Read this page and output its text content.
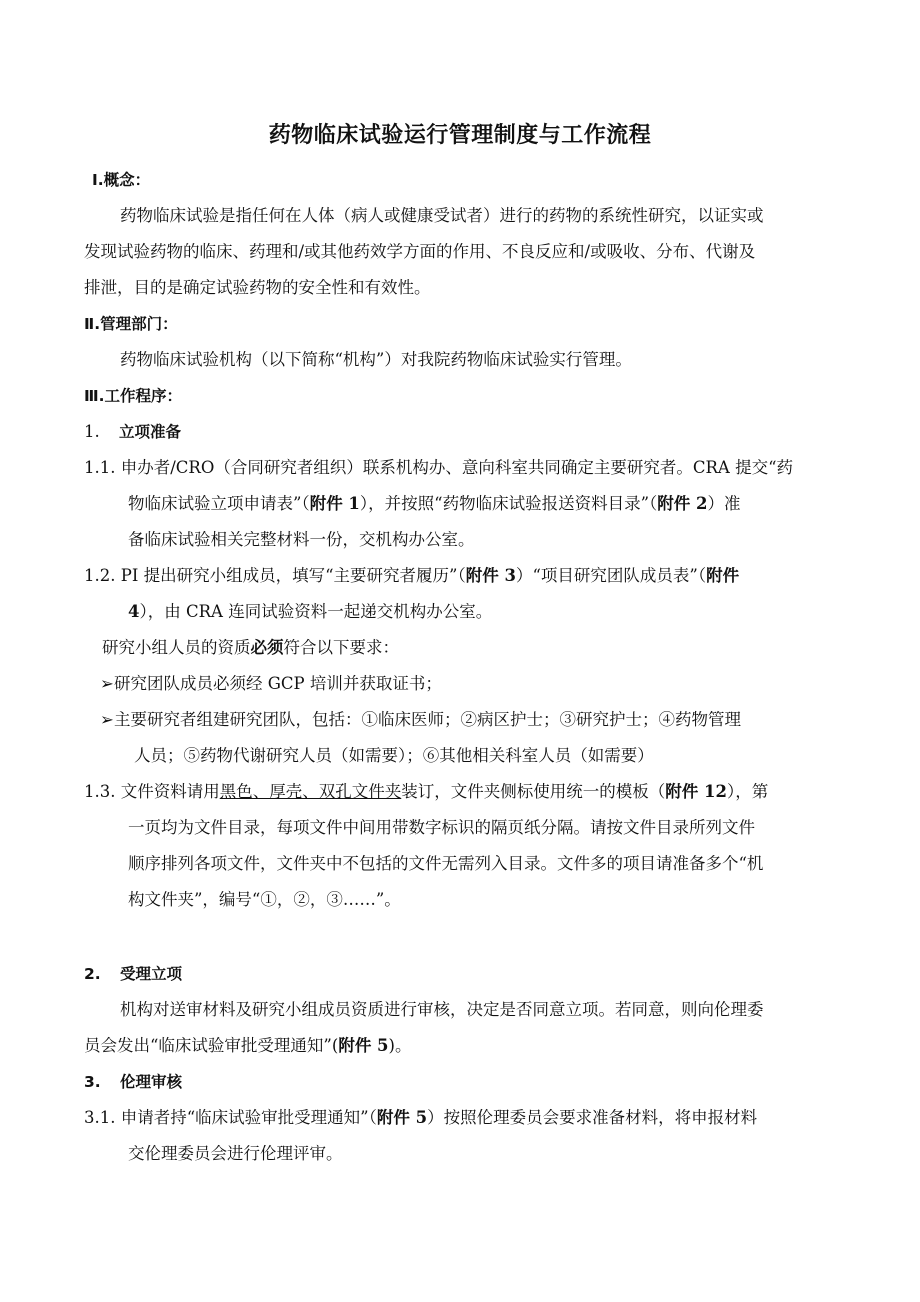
药物临床试验运行管理制度与工作流程
Ⅰ.概念：
药物临床试验是指任何在人体（病人或健康受试者）进行的药物的系统性研究，以证实或
发现试验药物的临床、药理和/或其他药效学方面的作用、不良反应和/或吸收、分布、代谢及
排泄，目的是确定试验药物的安全性和有效性。
Ⅱ.管理部门：
药物临床试验机构（以下简称“机构”）对我院药物临床试验实行管理。
Ⅲ.工作程序：
1. 立项准备
1.1. 申办者/CRO（合同研究者组织）联系机构办、意向科室共同确定主要研究者。CRA 提交“药
物临床试验立项申请表”（附件 1），并按照“药物临床试验报送资料目录”（附件 2）准
备临床试验相关完整材料一份，交机构办公室。
1.2. PI 提出研究小组成员，填写“主要研究者履历”（附件 3）“项目研究团队成员表”（附件
4），由 CRA 连同试验资料一起递交机构办公室。
研究小组人员的资质必须符合以下要求：
➢研究团队成员必须经 GCP 培训并获取证书；
➢主要研究者组建研究团队，包括：①临床医师；②病区护士；③研究护士；④药物管理
人员；⑤药物代谢研究人员（如需要）；⑥其他相关科室人员（如需要）
1.3. 文件资料请用黑色、厚壳、双孔文件夹装订，文件夹侧标使用统一的模板（附件 12），第
一页均为文件目录，每项文件中间用带数字标识的隔页纸分隔。请按文件目录所列文件
顺序排列各项文件，文件夹中不包括的文件无需列入目录。文件多的项目请准备多个“机
构文件夹”，编号“①，②，③……”。
2. 受理立项
机构对送审材料及研究小组成员资质进行审核，决定是否同意立项。若同意，则向伦理委
员会发出“临床试验审批受理通知”(附件 5)。
3. 伦理审核
3.1. 申请者持“临床试验审批受理通知”（附件 5）按照伦理委员会要求准备材料，将申报材料
交伦理委员会进行伦理评审。
